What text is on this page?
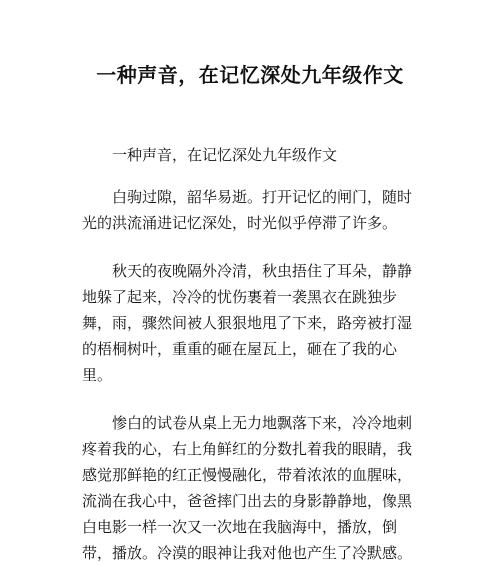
一种声音，在记忆深处九年级作文

一种声音，在记忆深处九年级作文

白驹过隙，韶华易逝。打开记忆的闸门，随时光的洪流涌进记忆深处，时光似乎停滞了许多。

秋天的夜晚隔外冷清，秋虫捂住了耳朵，静静地躲了起来，冷冷的忧伤裹着一袭黑衣在跳独步舞，雨，骤然间被人狠狠地甩了下来，路旁被打湿的梧桐树叶，重重的砸在屋瓦上，砸在了我的心里。

惨白的试卷从桌上无力地飘落下来，冷冷地刺疼着我的心，右上角鲜红的分数扎着我的眼睛，我感觉那鲜艳的红正慢慢融化，带着浓浓的血腥味，流淌在我心中，爸爸摔门出去的身影静静地，像黑白电影一样一次又一次地在我脑海中，播放，倒带，播放。冷漠的眼神让我对他也产生了冷默感。
